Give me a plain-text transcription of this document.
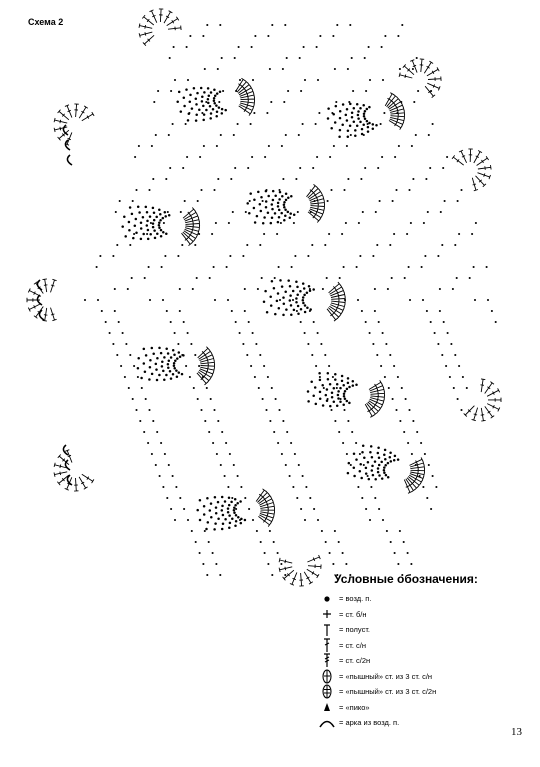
Схема 2
Условные обозначения:
= возд. п.
= ст. б/н
= полуст.
= ст. с/н
= ст. с/2н
= «пышный» ст. из 3 ст. с/н
= «пышный» ст. из 3 ст. с/2н
= «пико»
= арка из возд. п.
13
